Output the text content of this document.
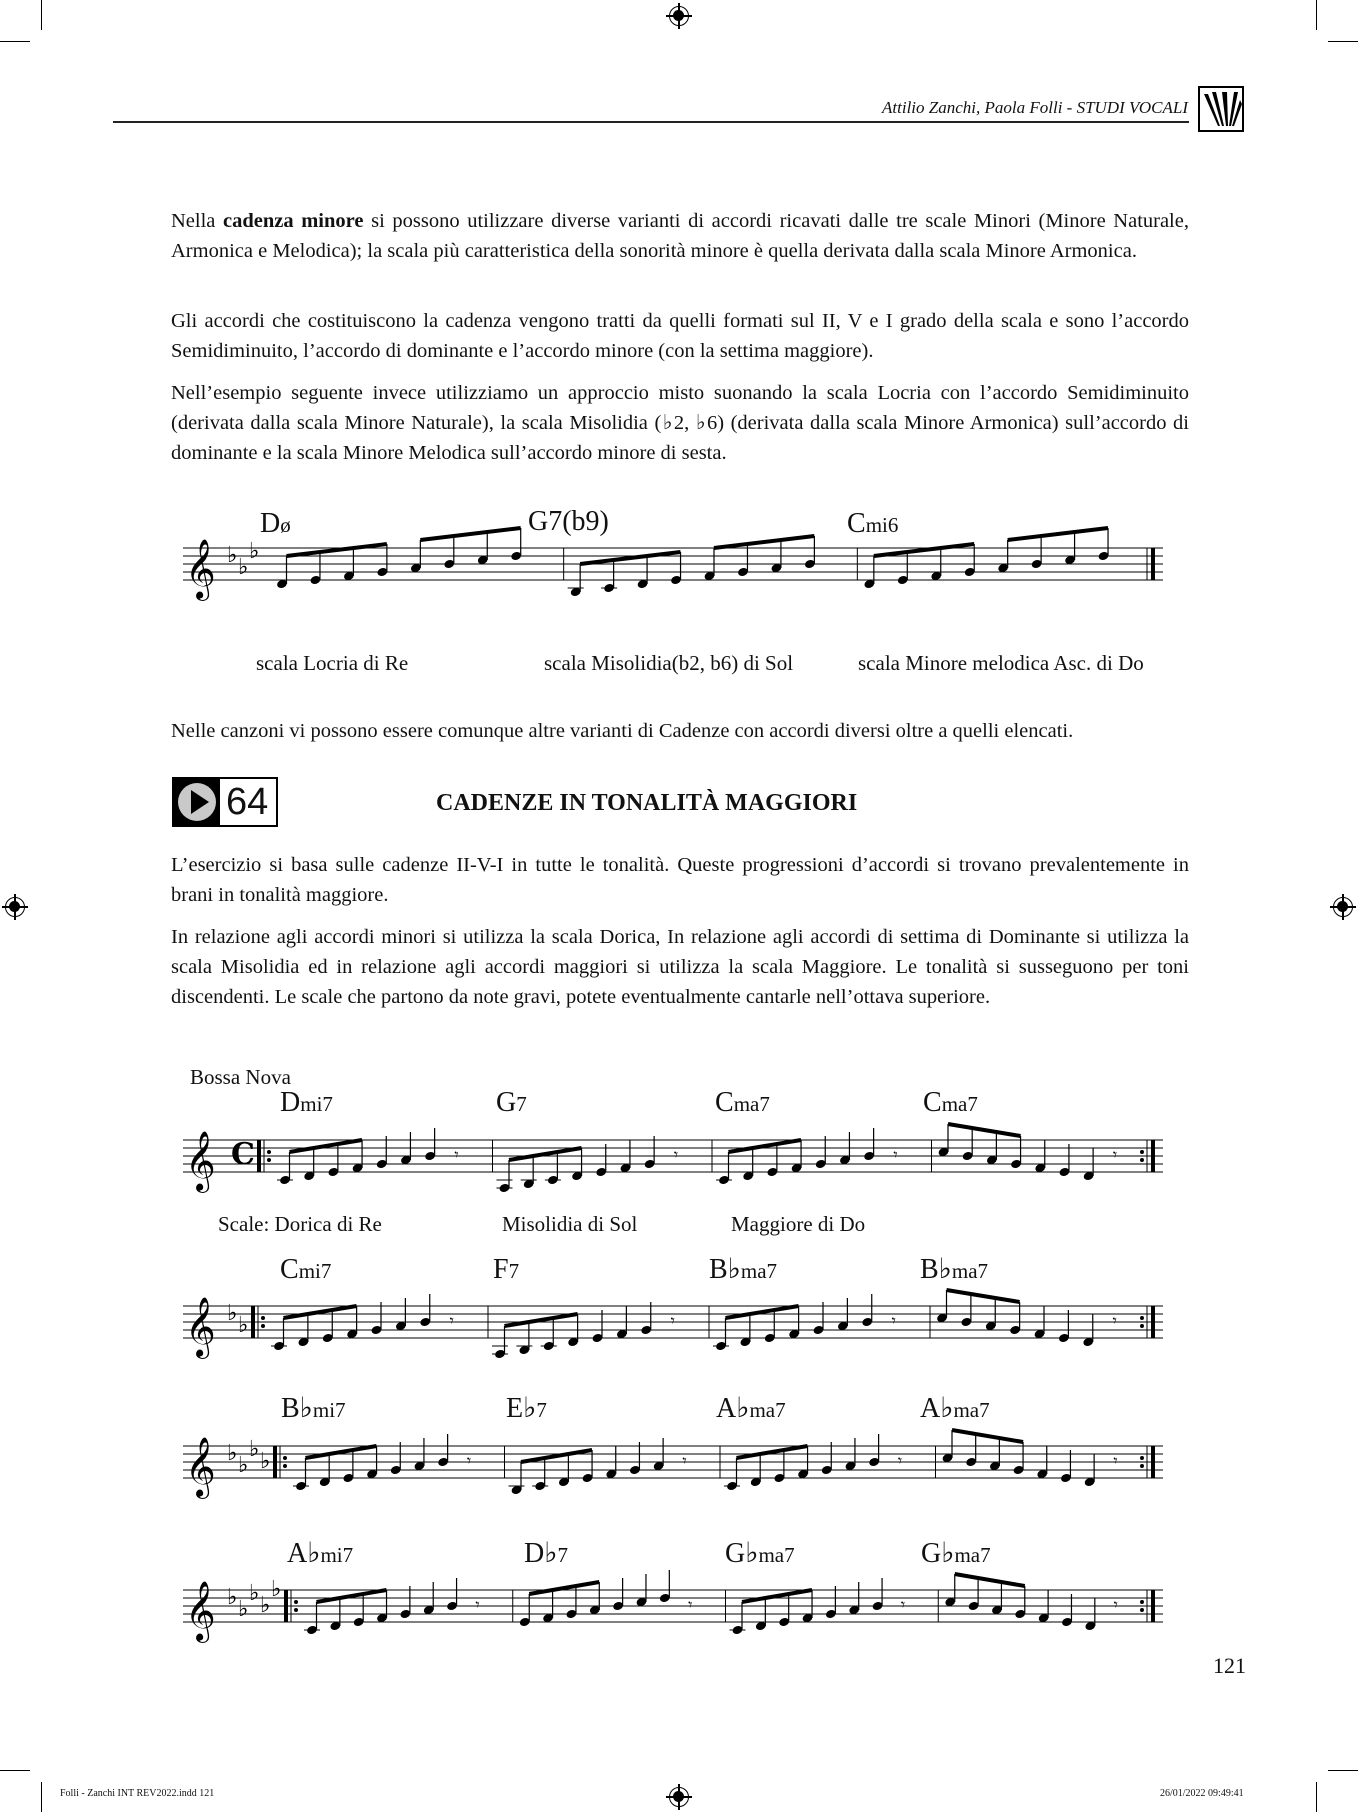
Attilio Zanchi, Paola Folli - STUDI VOCALI

Nella cadenza minore si possono utilizzare diverse varianti di accordi ricavati dalle tre scale Minori (Minore Naturale, Armonica e Melodica); la scala più caratteristica della sonorità minore è quella derivata dalla scala Minore Armonica.

Gli accordi che costituiscono la cadenza vengono tratti da quelli formati sul II, V e I grado della scala e sono l’accordo Semidiminuito, l’accordo di dominante e l’accordo minore (con la settima maggiore).

Nell’esempio seguente invece utilizziamo un approccio misto suonando la scala Locria con l’accordo Semidiminuito (derivata dalla scala Minore Naturale), la scala Misolidia (♭2, ♭6) (derivata dalla scala Minore Armonica) sull’accordo di dominante e la scala Minore Melodica sull’accordo minore di sesta.

Dø	G7(b9)	Cmi6
𝄞 ♭ ♭
♭
scala Locria di Re	scala Misolidia(b2, b6) di Sol	scala Minore melodica Asc. di Do

Nelle canzoni vi possono essere comunque altre varianti di Cadenze con accordi diversi oltre a quelli elencati.

64	CADENZE IN TONALITÀ MAGGIORI

L’esercizio si basa sulle cadenze II-V-I in tutte le tonalità. Queste progressioni d’accordi si trovano prevalentemente in brani in tonalità maggiore.

In relazione agli accordi minori si utilizza la scala Dorica, In relazione agli accordi di settima di Dominante si utilizza la scala Misolidia ed in relazione agli accordi maggiori si utilizza la scala Maggiore. Le tonalità si susseguono per toni discendenti. Le scale che partono da note gravi, potete eventualmente cantarle nell’ottava superiore.

Bossa Nova
Dmi7	G7	Cma7	Cma7
𝄞 C	𝄾	𝄾	𝄾	𝄾
Scale: Dorica di Re	Misolidia di Sol	Maggiore di Do
Cmi7	F7	B♭ma7	B♭ma7
𝄞 ♭ ♭	𝄾	𝄾	𝄾	𝄾
B♭mi7	E♭7	A♭ma7	A♭ma7
𝄞 ♭ ♭
♭ ♭	𝄾	𝄾	𝄾	𝄾
A♭mi7	D♭7	G♭ma7	G♭ma7
𝄞 ♭ ♭
♭ ♭
♭
𝄾	𝄾	𝄾	𝄾
121
Folli - Zanchi INT REV2022.indd 121	26/01/2022 09:49:41
